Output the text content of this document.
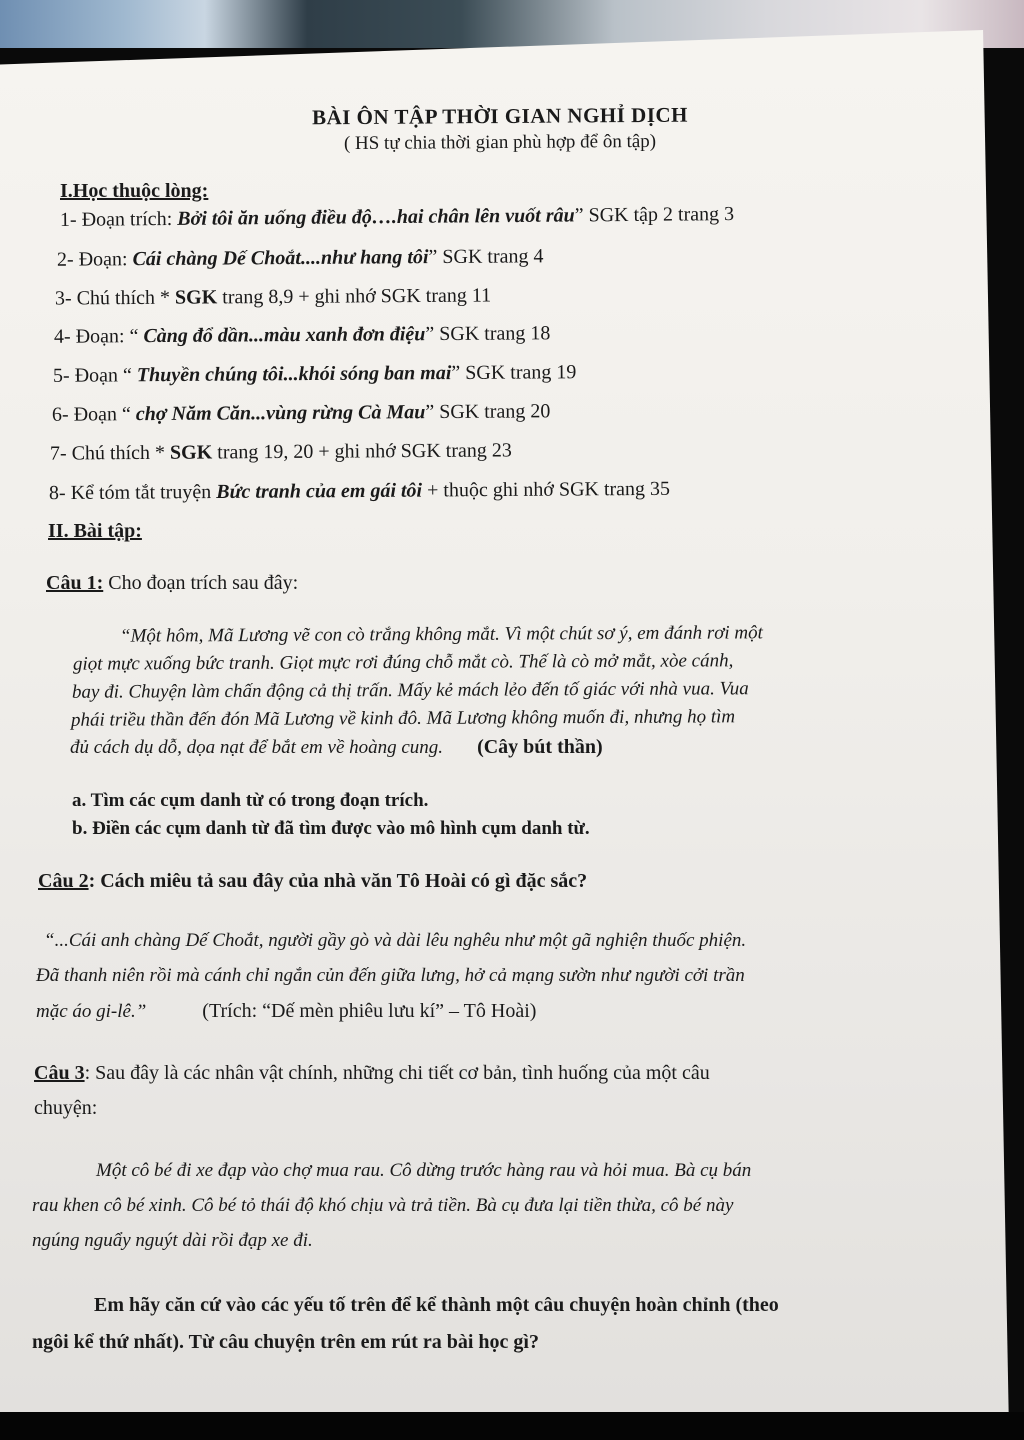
BÀI ÔN TẬP THỜI GIAN NGHỈ DỊCH
( HS tự chia thời gian phù hợp để ôn tập)
I.Học thuộc lòng:
1- Đoạn trích: Bởi tôi ăn uống điều độ….hai chân lên vuốt râu” SGK tập 2 trang 3
2- Đoạn: Cái chàng Dế Choắt....như hang tôi” SGK trang 4
3- Chú thích * SGK trang 8,9 + ghi nhớ SGK trang 11
4- Đoạn: “ Càng đổ dần...màu xanh đơn điệu” SGK trang 18
5- Đoạn “ Thuyền chúng tôi...khói sóng ban mai” SGK trang 19
6- Đoạn “ chợ Năm Căn...vùng rừng Cà Mau” SGK trang 20
7- Chú thích * SGK trang 19, 20 + ghi nhớ SGK trang 23
8- Kể tóm tắt truyện Bức tranh của em gái tôi + thuộc ghi nhớ SGK trang 35
II. Bài tập:
Câu 1: Cho đoạn trích sau đây:
“Một hôm, Mã Lương vẽ con cò trắng không mắt. Vì một chút sơ ý, em đánh rơi một
giọt mực xuống bức tranh. Giọt mực rơi đúng chỗ mắt cò. Thế là cò mở mắt, xòe cánh,
bay đi. Chuyện làm chấn động cả thị trấn. Mấy kẻ mách lẻo đến tố giác với nhà vua. Vua
phái triều thần đến đón Mã Lương về kinh đô. Mã Lương không muốn đi, nhưng họ tìm
đủ cách dụ dỗ, dọa nạt để bắt em về hoàng cung. (Cây bút thần)
a. Tìm các cụm danh từ có trong đoạn trích.
b. Điền các cụm danh từ đã tìm được vào mô hình cụm danh từ.
Câu 2: Cách miêu tả sau đây của nhà văn Tô Hoài có gì đặc sắc?
“...Cái anh chàng Dế Choắt, người gầy gò và dài lêu nghêu như một gã nghiện thuốc phiện.
Đã thanh niên rồi mà cánh chỉ ngắn củn đến giữa lưng, hở cả mạng sườn như người cởi trần
mặc áo gi-lê.”	(Trích: “Dế mèn phiêu lưu kí” – Tô Hoài)
Câu 3: Sau đây là các nhân vật chính, những chi tiết cơ bản, tình huống của một câu
chuyện:
Một cô bé đi xe đạp vào chợ mua rau. Cô dừng trước hàng rau và hỏi mua. Bà cụ bán
rau khen cô bé xinh. Cô bé tỏ thái độ khó chịu và trả tiền. Bà cụ đưa lại tiền thừa, cô bé này
ngúng nguẩy nguýt dài rồi đạp xe đi.
Em hãy căn cứ vào các yếu tố trên để kể thành một câu chuyện hoàn chỉnh (theo
ngôi kể thứ nhất). Từ câu chuyện trên em rút ra bài học gì?
